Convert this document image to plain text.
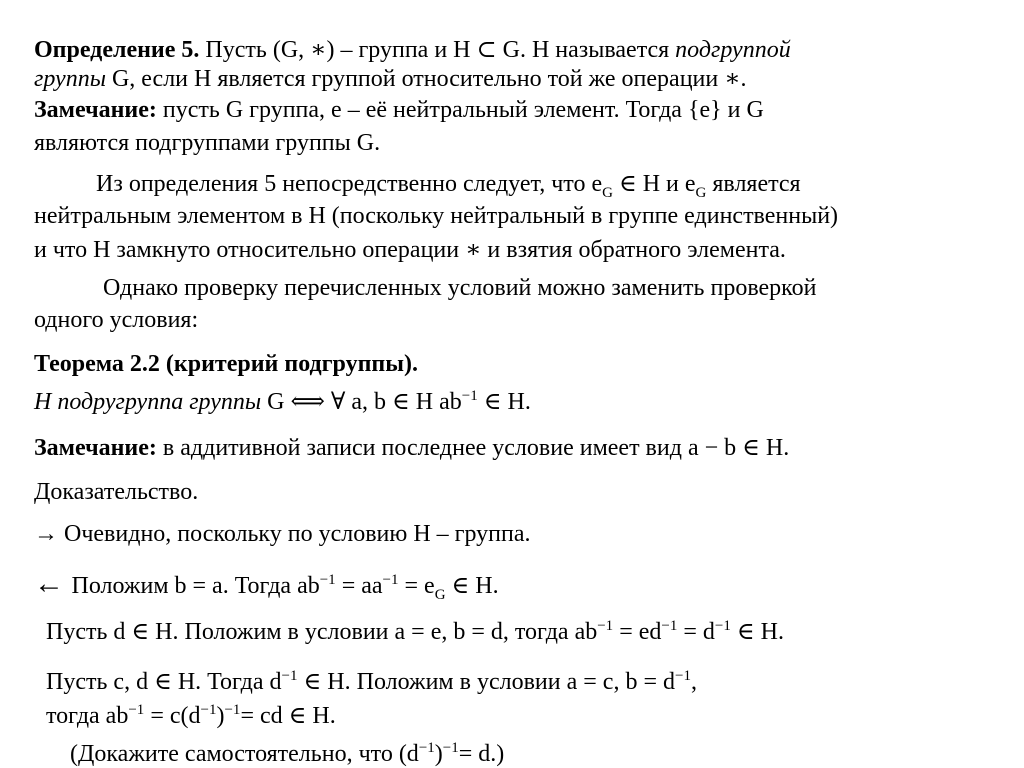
Определение 5. Пусть (G, ∗) – группа и H ⊂ G. H называется подгруппой
группы G, если H является группой относительно той же операции ∗.
Замечание: пусть G группа, e – её нейтральный элемент. Тогда {e} и G
являются подгруппами группы G.
Из определения 5 непосредственно следует, что $e_G$ ∈ H и $e_G$ является
нейтральным элементом в H (поскольку нейтральный в группе единственный)
и что H замкнуто относительно операции ∗ и взятия обратного элемента.
Однако проверку перечисленных условий можно заменить проверкой
одного условия:
Теорема 2.2 (критерий подгруппы).
H подругруппа группы G ⟺ ∀ a, b ∈ H $ab^{-1}$ ∈ H.
Замечание: в аддитивной записи последнее условие имеет вид a − b ∈ H.
Доказательство.
→ Очевидно, поскольку по условию H – группа.
← Положим b = a. Тогда $ab^{-1} = aa^{-1} = e_G$ ∈ H.
Пусть d ∈ H. Положим в условии a = e, b = d, тогда $ab^{-1} = ed^{-1} = d^{-1}$ ∈ H.
Пусть c, d ∈ H. Тогда $d^{-1}$ ∈ H. Положим в условии a = c, $b = d^{-1}$,
тогда $ab^{-1} = c(d^{-1})^{-1}=$ cd ∈ H.
(Докажите самостоятельно, что $(d^{-1})^{-1}= d$.)
